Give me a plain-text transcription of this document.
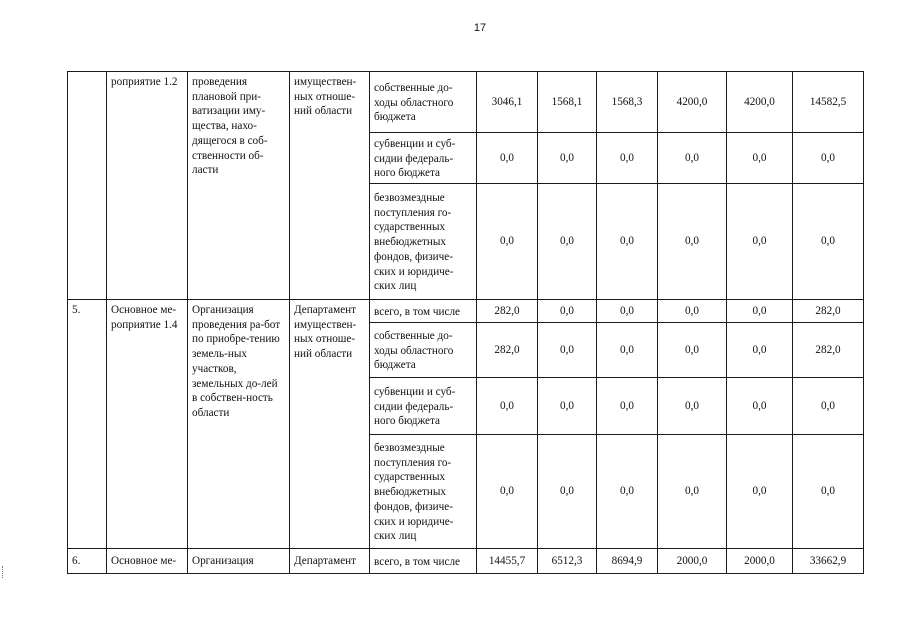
17
	роприятие 1.2	проведения плановой при-ватизации иму-щества, нахо-дящегося в соб-ственности об-ласти	имуществен-ных отноше-ний области	собственные до-ходы областного бюджета	3046,1	1568,1	1568,3	4200,0	4200,0	14582,5
				субвенции и суб-сидии федераль-ного бюджета	0,0	0,0	0,0	0,0	0,0	0,0
				безвозмездные поступления го-сударственных внебюджетных фондов, физиче-ских и юридиче-ских лиц	0,0	0,0	0,0	0,0	0,0	0,0
5.	Основное ме-роприятие 1.4	Организация проведения ра-бот по приобре-тению земель-ных участков, земельных до-лей в собствен-ность области	Департамент имуществен-ных отноше-ний области	всего, в том числе	282,0	0,0	0,0	0,0	0,0	282,0
				собственные до-ходы областного бюджета	282,0	0,0	0,0	0,0	0,0	282,0
				субвенции и суб-сидии федераль-ного бюджета	0,0	0,0	0,0	0,0	0,0	0,0
				безвозмездные поступления го-сударственных внебюджетных фондов, физиче-ских и юридиче-ских лиц	0,0	0,0	0,0	0,0	0,0	0,0
6.	Основное ме-	Организация	Департамент	всего, в том числе	14455,7	6512,3	8694,9	2000,0	2000,0	33662,9
